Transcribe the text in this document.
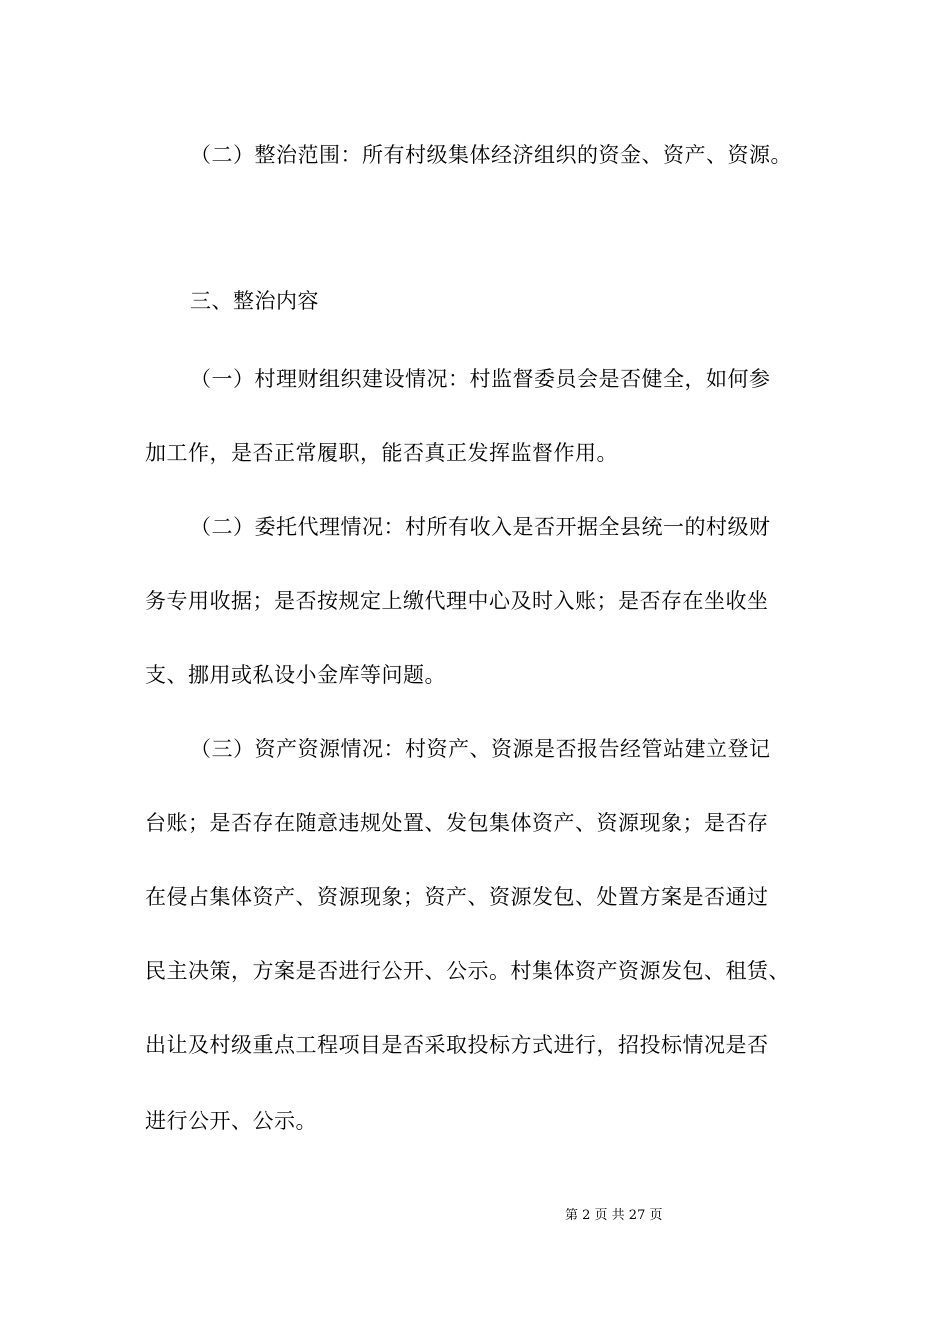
（二）整治范围：所有村级集体经济组织的资金、资产、资源。
三、整治内容
（一）村理财组织建设情况：村监督委员会是否健全，如何参
加工作，是否正常履职，能否真正发挥监督作用。
（二）委托代理情况：村所有收入是否开据全县统一的村级财
务专用收据；是否按规定上缴代理中心及时入账；是否存在坐收坐
支、挪用或私设小金库等问题。
（三）资产资源情况：村资产、资源是否报告经管站建立登记
台账；是否存在随意违规处置、发包集体资产、资源现象；是否存
在侵占集体资产、资源现象；资产、资源发包、处置方案是否通过
民主决策，方案是否进行公开、公示。村集体资产资源发包、租赁、
出让及村级重点工程项目是否采取投标方式进行，招投标情况是否
进行公开、公示。
第 2 页 共 27 页
